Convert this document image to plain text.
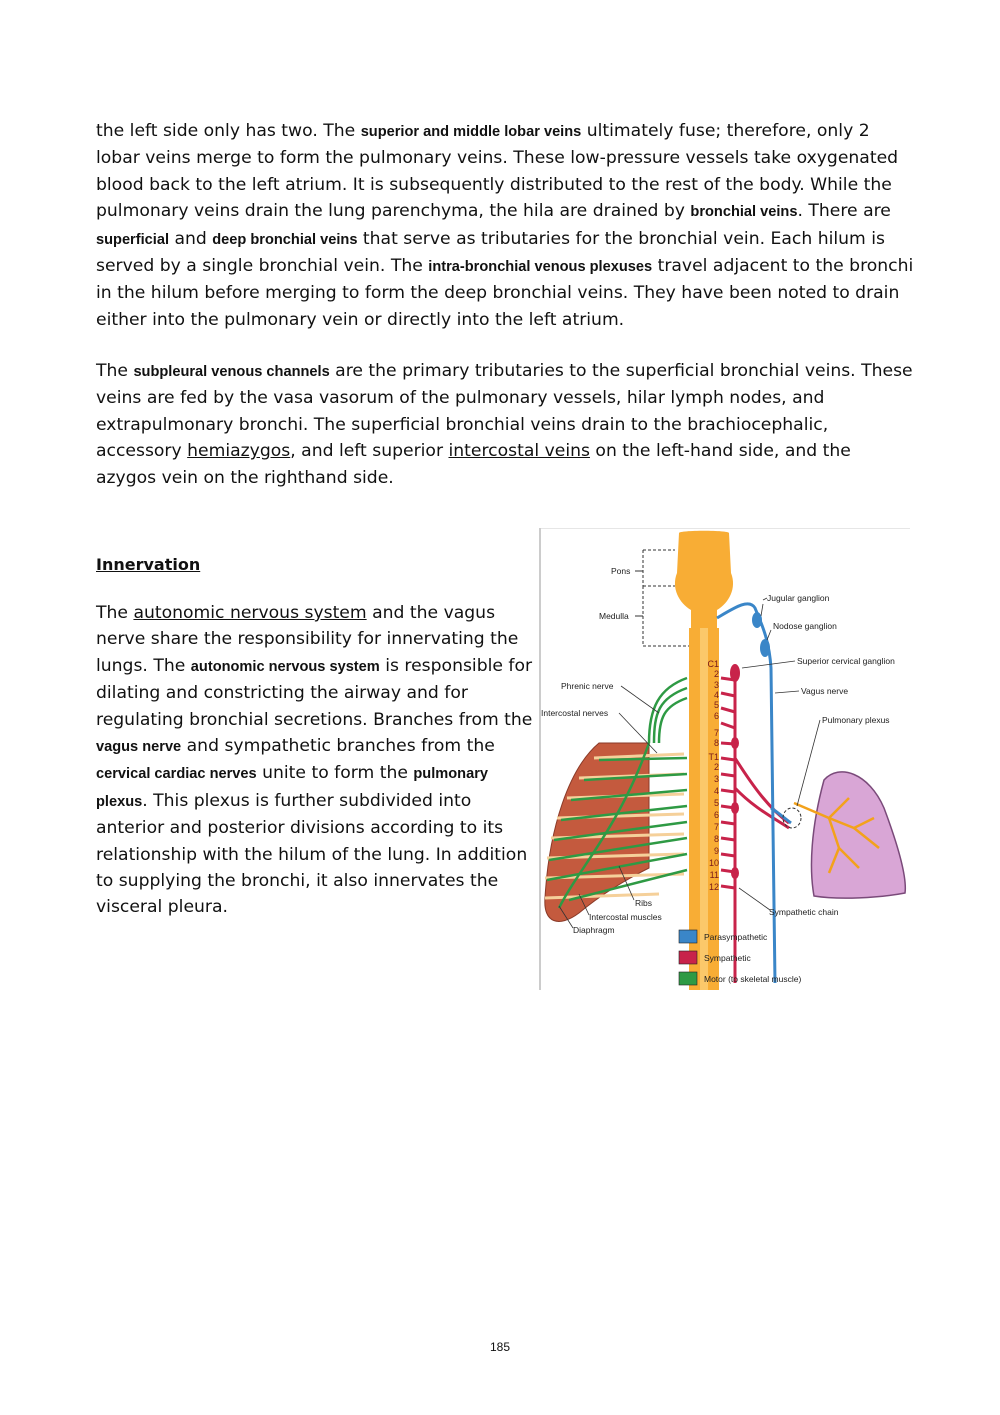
the left side only has two. The superior and middle lobar veins ultimately fuse; therefore, only 2 lobar veins merge to form the pulmonary veins. These low-pressure vessels take oxygenated blood back to the left atrium. It is subsequently distributed to the rest of the body. While the pulmonary veins drain the lung parenchyma, the hila are drained by bronchial veins. There are superficial and deep bronchial veins that serve as tributaries for the bronchial vein. Each hilum is served by a single bronchial vein. The intra-bronchial venous plexuses travel adjacent to the bronchi in the hilum before merging to form the deep bronchial veins. They have been noted to drain either into the pulmonary vein or directly into the left atrium.

The subpleural venous channels are the primary tributaries to the superficial bronchial veins. These veins are fed by the vasa vasorum of the pulmonary vessels, hilar lymph nodes, and extrapulmonary bronchi. The superficial bronchial veins drain to the brachiocephalic, accessory hemiazygos, and left superior intercostal veins on the left-hand side, and the azygos vein on the righthand side.

Innervation

The autonomic nervous system and the vagus nerve share the responsibility for innervating the lungs. The autonomic nervous system is responsible for dilating and constricting the airway and for regulating bronchial secretions. Branches from the vagus nerve and sympathetic branches from the cervical cardiac nerves unite to form the pulmonary plexus. This plexus is further subdivided into anterior and posterior divisions according to its relationship with the hilum of the lung. In addition to supplying the bronchi, it also innervates the visceral pleura.

Pons
Medulla
Jugular ganglion
Nodose ganglion
Superior cervical ganglion
Vagus nerve
Phrenic nerve
Intercostal nerves
Pulmonary plexus
Ribs
Intercostal muscles
Diaphragm
Sympathetic chain
C1
2
3
4
5
6
7
8
T1
2
3
4
5
6
7
8
9
10
11
12
Parasympathetic
Sympathetic
Motor (to skeletal muscle)
185
